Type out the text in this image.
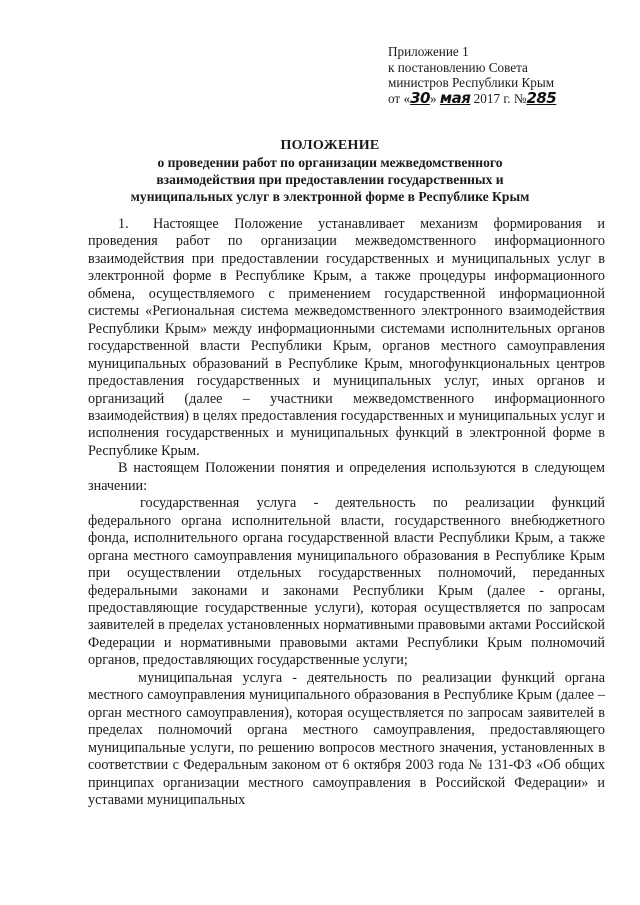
Приложение 1
к постановлению Совета
министров Республики Крым
от «30» мая 2017 г. №285
ПОЛОЖЕНИЕ
о проведении работ по организации межведомственного
взаимодействия при предоставлении государственных и
муниципальных услуг в электронной форме в Республике Крым

1. Настоящее Положение устанавливает механизм формирования и проведения работ по организации межведомственного информационного взаимодействия при предоставлении государственных и муниципальных услуг в электронной форме в Республике Крым, а также процедуры информационного обмена, осуществляемого с применением государственной информационной системы «Региональная система межведомственного электронного взаимодействия Республики Крым» между информационными системами исполнительных органов государственной власти Республики Крым, органов местного самоуправления муниципальных образований в Республике Крым, многофункциональных центров предоставления государственных и муниципальных услуг, иных органов и организаций (далее – участники межведомственного информационного взаимодействия) в целях предоставления государственных и муниципальных услуг и исполнения государственных и муниципальных функций в электронной форме в Республике Крым.

В настоящем Положении понятия и определения используются в следующем значении:

государственная услуга - деятельность по реализации функций федерального органа исполнительной власти, государственного внебюджетного фонда, исполнительного органа государственной власти Республики Крым, а также органа местного самоуправления муниципального образования в Республике Крым при осуществлении отдельных государственных полномочий, переданных федеральными законами и законами Республики Крым (далее - органы, предоставляющие государственные услуги), которая осуществляется по запросам заявителей в пределах установленных нормативными правовыми актами Российской Федерации и нормативными правовыми актами Республики Крым полномочий органов, предоставляющих государственные услуги;

муниципальная услуга - деятельность по реализации функций органа местного самоуправления муниципального образования в Республике Крым (далее – орган местного самоуправления), которая осуществляется по запросам заявителей в пределах полномочий органа местного самоуправления, предоставляющего муниципальные услуги, по решению вопросов местного значения, установленных в соответствии с Федеральным законом от 6 октября 2003 года № 131-ФЗ «Об общих принципах организации местного самоуправления в Российской Федерации» и уставами муниципальных
